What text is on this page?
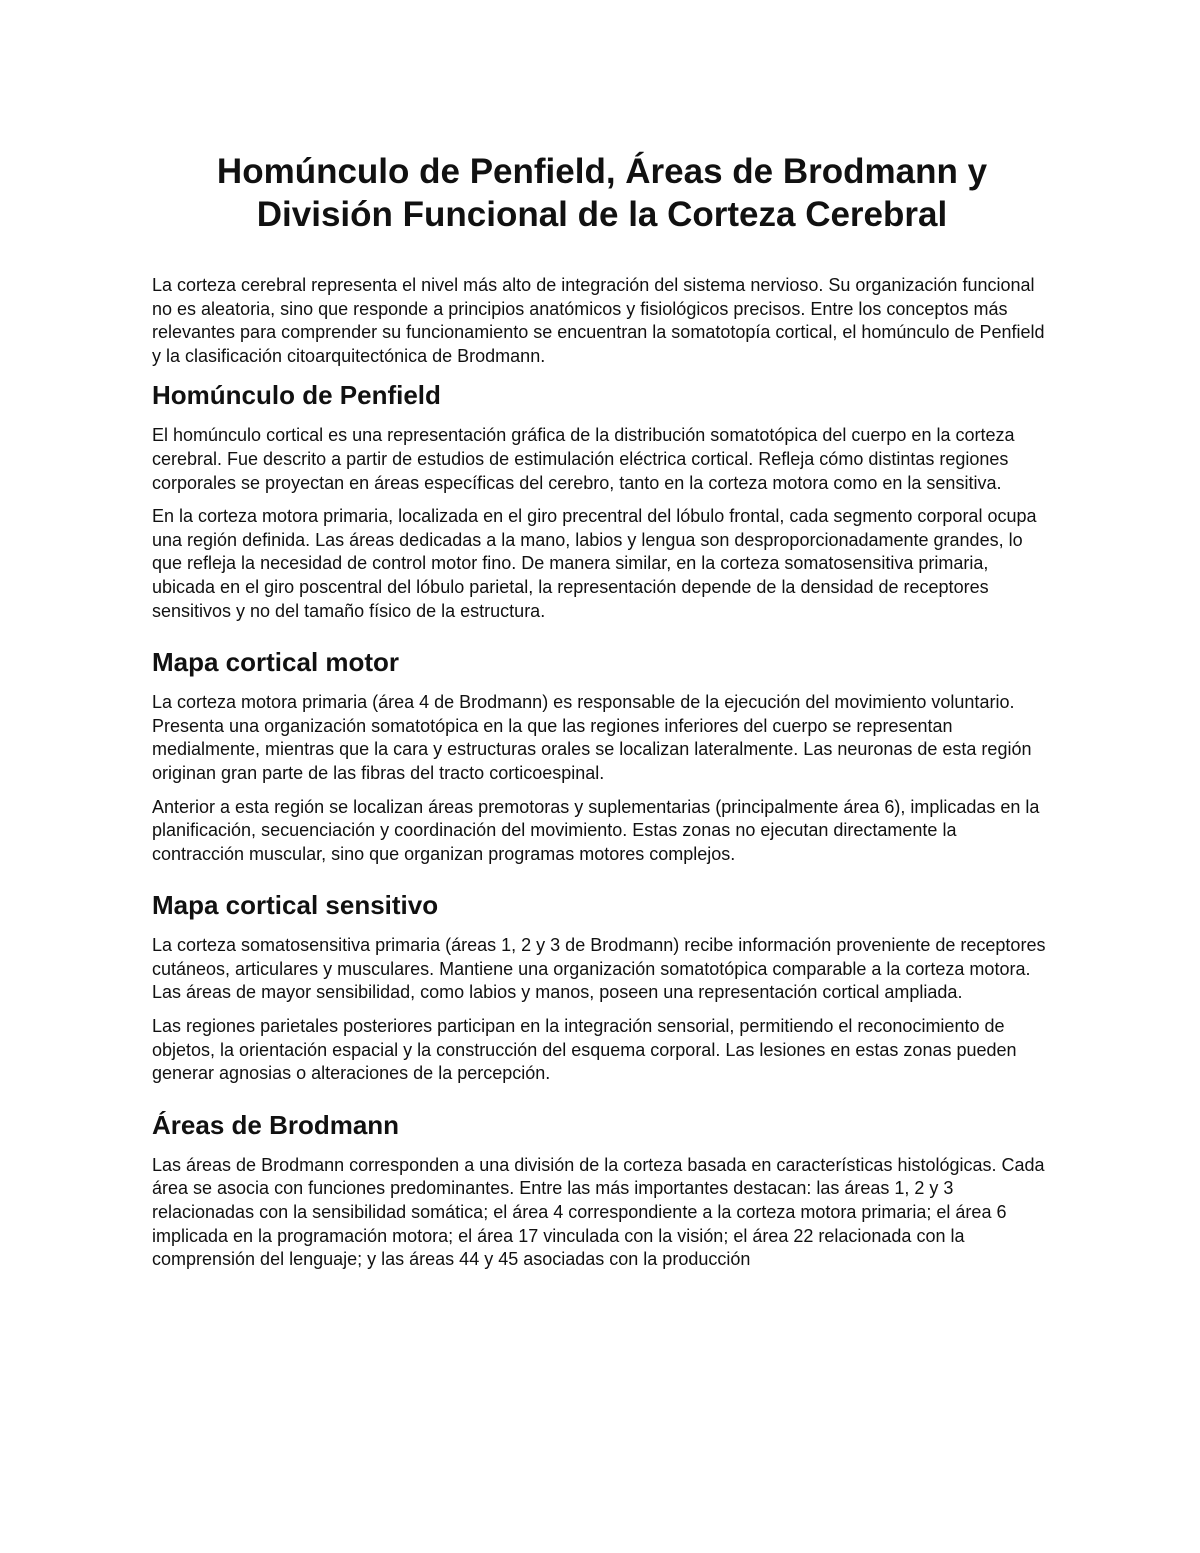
Homúnculo de Penfield, Áreas de Brodmann y
División Funcional de la Corteza Cerebral

La corteza cerebral representa el nivel más alto de integración del sistema nervioso. Su organización funcional no es aleatoria, sino que responde a principios anatómicos y fisiológicos precisos. Entre los conceptos más relevantes para comprender su funcionamiento se encuentran la somatotopía cortical, el homúnculo de Penfield y la clasificación citoarquitectónica de Brodmann.

Homúnculo de Penfield

El homúnculo cortical es una representación gráfica de la distribución somatotópica del cuerpo en la corteza cerebral. Fue descrito a partir de estudios de estimulación eléctrica cortical. Refleja cómo distintas regiones corporales se proyectan en áreas específicas del cerebro, tanto en la corteza motora como en la sensitiva.

En la corteza motora primaria, localizada en el giro precentral del lóbulo frontal, cada segmento corporal ocupa una región definida. Las áreas dedicadas a la mano, labios y lengua son desproporcionadamente grandes, lo que refleja la necesidad de control motor fino. De manera similar, en la corteza somatosensitiva primaria, ubicada en el giro poscentral del lóbulo parietal, la representación depende de la densidad de receptores sensitivos y no del tamaño físico de la estructura.

Mapa cortical motor

La corteza motora primaria (área 4 de Brodmann) es responsable de la ejecución del movimiento voluntario. Presenta una organización somatotópica en la que las regiones inferiores del cuerpo se representan medialmente, mientras que la cara y estructuras orales se localizan lateralmente. Las neuronas de esta región originan gran parte de las fibras del tracto corticoespinal.

Anterior a esta región se localizan áreas premotoras y suplementarias (principalmente área 6), implicadas en la planificación, secuenciación y coordinación del movimiento. Estas zonas no ejecutan directamente la contracción muscular, sino que organizan programas motores complejos.

Mapa cortical sensitivo

La corteza somatosensitiva primaria (áreas 1, 2 y 3 de Brodmann) recibe información proveniente de receptores cutáneos, articulares y musculares. Mantiene una organización somatotópica comparable a la corteza motora. Las áreas de mayor sensibilidad, como labios y manos, poseen una representación cortical ampliada.

Las regiones parietales posteriores participan en la integración sensorial, permitiendo el reconocimiento de objetos, la orientación espacial y la construcción del esquema corporal. Las lesiones en estas zonas pueden generar agnosias o alteraciones de la percepción.

Áreas de Brodmann

Las áreas de Brodmann corresponden a una división de la corteza basada en características histológicas. Cada área se asocia con funciones predominantes. Entre las más importantes destacan: las áreas 1, 2 y 3 relacionadas con la sensibilidad somática; el área 4 correspondiente a la corteza motora primaria; el área 6 implicada en la programación motora; el área 17 vinculada con la visión; el área 22 relacionada con la comprensión del lenguaje; y las áreas 44 y 45 asociadas con la producción
